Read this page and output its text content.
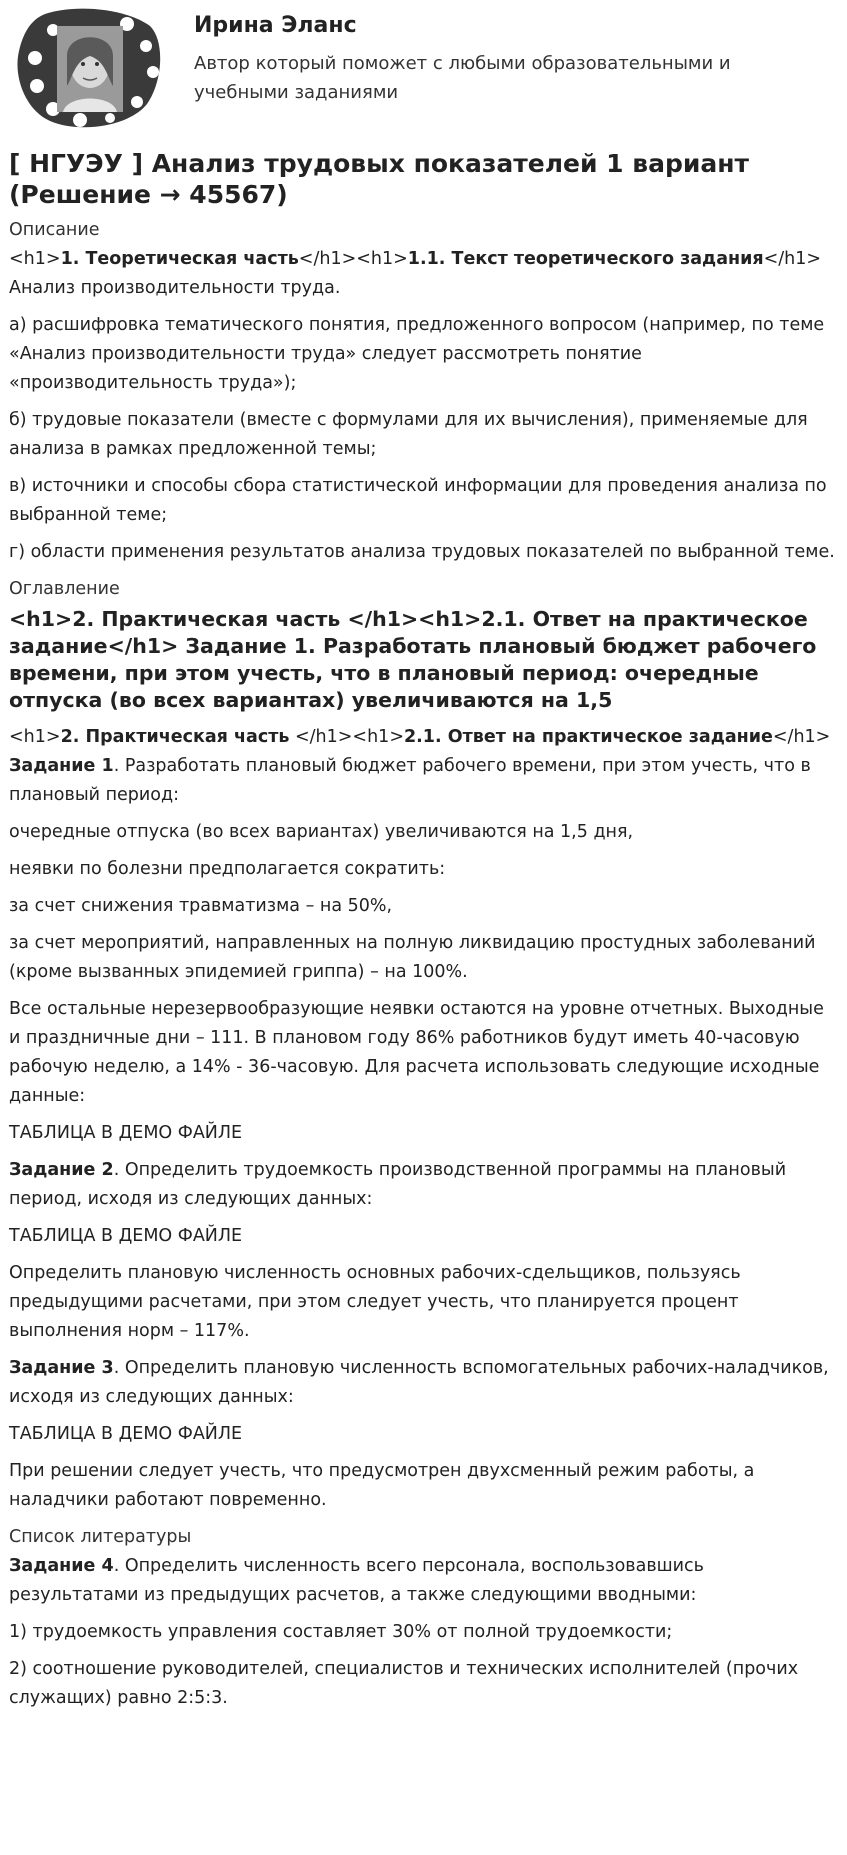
Ирина Эланс
Автор который поможет с любыми образовательными и учебными заданиями
[ НГУЭУ ] Анализ трудовых показателей 1 вариант (Решение → 45567)
Описание
<h1>1. Теоретическая часть</h1><h1>1.1. Текст теоретического задания</h1>
Анализ производительности труда.
а) расшифровка тематического понятия, предложенного вопросом (например, по теме «Анализ производительности труда» следует рассмотреть понятие «производительность труда»);
б) трудовые показатели (вместе с формулами для их вычисления), применяемые для анализа в рамках предложенной темы;
в) источники и способы сбора статистической информации для проведения анализа по выбранной теме;
г) области применения результатов анализа трудовых показателей по выбранной теме.
Оглавление
<h1>2. Практическая часть </h1><h1>2.1. Ответ на практическое задание</h1> Задание 1. Разработать плановый бюджет рабочего времени, при этом учесть, что в плановый период: очередные отпуска (во всех вариантах) увеличиваются на 1,5
<h1>2. Практическая часть </h1><h1>2.1. Ответ на практическое задание</h1>
Задание 1. Разработать плановый бюджет рабочего времени, при этом учесть, что в плановый период:
очередные отпуска (во всех вариантах) увеличиваются на 1,5 дня,
неявки по болезни предполагается сократить:
за счет снижения травматизма – на 50%,
за счет мероприятий, направленных на полную ликвидацию простудных заболеваний (кроме вызванных эпидемией гриппа) – на 100%.
Все остальные нерезервообразующие неявки остаются на уровне отчетных. Выходные и праздничные дни – 111. В плановом году 86% работников будут иметь 40-часовую рабочую неделю, а 14% - 36-часовую. Для расчета использовать следующие исходные данные:
ТАБЛИЦА В ДЕМО ФАЙЛЕ
Задание 2. Определить трудоемкость производственной программы на плановый период, исходя из следующих данных:
ТАБЛИЦА В ДЕМО ФАЙЛЕ
Определить плановую численность основных рабочих-сдельщиков, пользуясь предыдущими расчетами, при этом следует учесть, что планируется процент выполнения норм – 117%.
Задание 3. Определить плановую численность вспомогательных рабочих-наладчиков, исходя из следующих данных:
ТАБЛИЦА В ДЕМО ФАЙЛЕ
При решении следует учесть, что предусмотрен двухсменный режим работы, а наладчики работают повременно.
Список литературы
Задание 4. Определить численность всего персонала, воспользовавшись результатами из предыдущих расчетов, а также следующими вводными:
1) трудоемкость управления составляет 30% от полной трудоемкости;
2) соотношение руководителей, специалистов и технических исполнителей (прочих служащих) равно 2:5:3.
